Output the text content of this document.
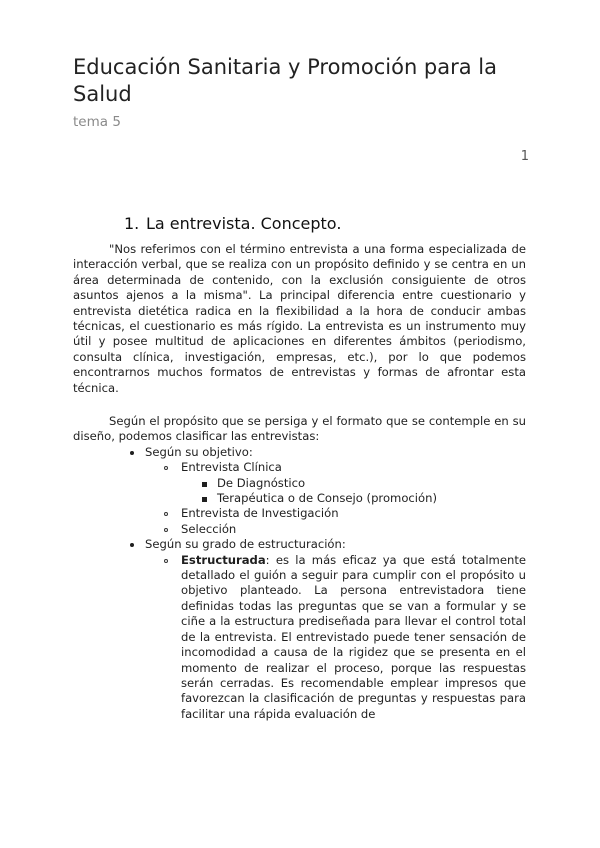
Educación Sanitaria y Promoción para la Salud

tema 5

1
1. La entrevista. Concepto.

"Nos referimos con el término entrevista a una forma especializada de interacción verbal, que se realiza con un propósito definido y se centra en un área determinada de contenido, con la exclusión consiguiente de otros asuntos ajenos a la misma". La principal diferencia entre cuestionario y entrevista dietética radica en la flexibilidad a la hora de conducir ambas técnicas, el cuestionario es más rígido. La entrevista es un instrumento muy útil y posee multitud de aplicaciones en diferentes ámbitos (periodismo, consulta clínica, investigación, empresas, etc.), por lo que podemos encontrarnos muchos formatos de entrevistas y formas de afrontar esta técnica.

Según el propósito que se persiga y el formato que se contemple en su diseño, podemos clasificar las entrevistas:

Según su objetivo:
Entrevista Clínica
De Diagnóstico
Terapéutica o de Consejo (promoción)
Entrevista de Investigación
Selección
Según su grado de estructuración:
Estructurada: es la más eficaz ya que está totalmente detallado el guión a seguir para cumplir con el propósito u objetivo planteado. La persona entrevistadora tiene definidas todas las preguntas que se van a formular y se ciñe a la estructura prediseñada para llevar el control total de la entrevista. El entrevistado puede tener sensación de incomodidad a causa de la rigidez que se presenta en el momento de realizar el proceso, porque las respuestas serán cerradas. Es recomendable emplear impresos que favorezcan la clasificación de preguntas y respuestas para facilitar una rápida evaluación de
